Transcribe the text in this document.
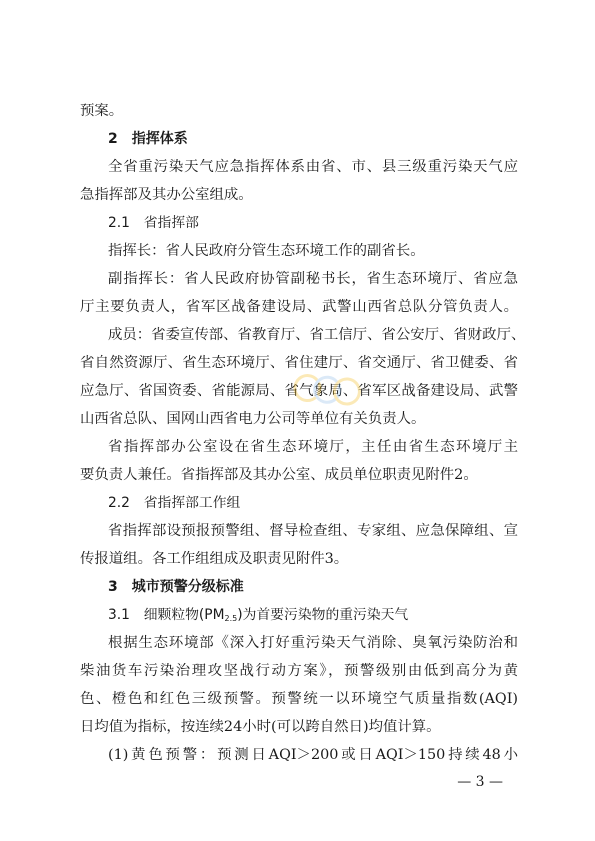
预案。
2　指挥体系
全省重污染天气应急指挥体系由省、市、县三级重污染天气应
急指挥部及其办公室组成。
2.1　省指挥部
指挥长：省人民政府分管生态环境工作的副省长。
副指挥长：省人民政府协管副秘书长，省生态环境厅、省应急
厅主要负责人，省军区战备建设局、武警山西省总队分管负责人。
成员：省委宣传部、省教育厅、省工信厅、省公安厅、省财政厅、
省自然资源厅、省生态环境厅、省住建厅、省交通厅、省卫健委、省
应急厅、省国资委、省能源局、省气象局、省军区战备建设局、武警
山西省总队、国网山西省电力公司等单位有关负责人。
省指挥部办公室设在省生态环境厅，主任由省生态环境厅主
要负责人兼任。省指挥部及其办公室、成员单位职责见附件2。
2.2　省指挥部工作组
省指挥部设预报预警组、督导检查组、专家组、应急保障组、宣
传报道组。各工作组组成及职责见附件3。
3　城市预警分级标准
3.1　细颗粒物$(PM_{2.5})$为首要污染物的重污染天气
根据生态环境部《深入打好重污染天气消除、臭氧污染防治和
柴油货车污染治理攻坚战行动方案》，预警级别由低到高分为黄
色、橙色和红色三级预警。预警统一以环境空气质量指数(AQI)
日均值为指标，按连续24小时(可以跨自然日)均值计算。
(1)黄色预警：预测日AQI＞200或日AQI＞150持续48小
— 3 —
